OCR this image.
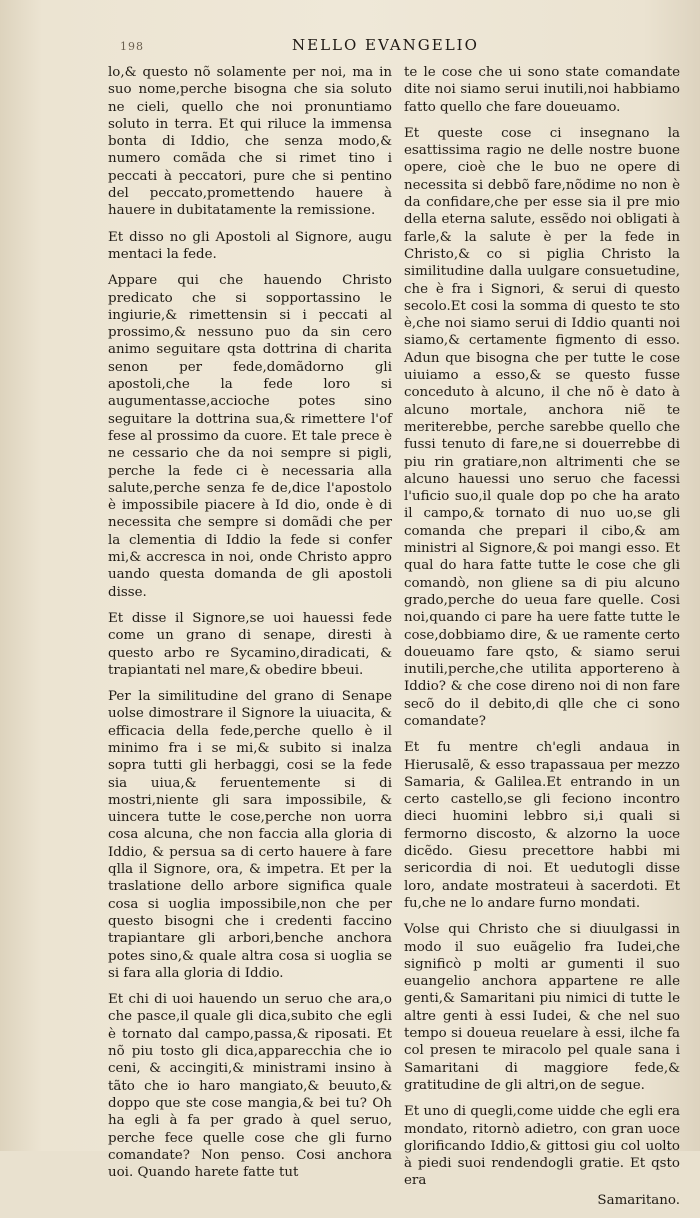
198	NELLO EVANGELIO

lo,& questo nõ solamente per noi, ma in suo nome,perche bisogna che sia soluto ne cieli, quello che noi pronuntiamo soluto in terra. Et qui riluce la immensa bonta di Iddio, che senza modo,& numero comãda che si rimet tino i peccati à peccatori, pure che si pentino del peccato,promettendo hauere à hauere in dubitatamente la remissione.

Et disso no gli Apostoli al Signore, augu mentaci la fede.

Appare qui che hauendo Christo predicato che si sopportassino le ingiurie,& rimettensin si i peccati al prossimo,& nessuno puo da sin cero animo seguitare qsta dottrina di charita senon per fede,domãdorno gli apostoli,che la fede loro si augumentasse,accioche potes sino seguitare la dottrina sua,& rimettere l'of fese al prossimo da cuore. Et tale prece è ne cessario che da noi sempre si pigli, perche la fede ci è necessaria alla salute,perche senza fe de,dice l'apostolo è impossibile piacere à Id dio, onde è di necessita che sempre si domãdi che per la clementia di Iddio la fede si confer mi,& accresca in noi, onde Christo appro uando questa domanda de gli apostoli disse.

Et disse il Signore,se uoi hauessi fede come un grano di senape, diresti à questo arbo re Sycamino,diradicati, & trapiantati nel mare,& obedire bbeui.

Per la similitudine del grano di Senape uolse dimostrare il Signore la uiuacita, & efficacia della fede,perche quello è il minimo fra i se mi,& subito si inalza sopra tutti gli herbaggi, cosi se la fede sia uiua,& feruentemente si di mostri,niente gli sara impossibile, & uincera tutte le cose,perche non uorra cosa alcuna, che non faccia alla gloria di Iddio, & persua sa di certo hauere à fare qlla il Signore, ora, & impetra. Et per la traslatione dello arbore significa quale cosa si uoglia impossibile,non che per questo bisogni che i credenti faccino trapiantare gli arbori,benche anchora potes sino,& quale altra cosa si uoglia se si fara alla gloria di Iddio.

Et chi di uoi hauendo un seruo che ara,o che pasce,il quale gli dica,subito che egli è tornato dal campo,passa,& riposati. Et nõ piu tosto gli dica,apparecchia che io ceni, & accingiti,& ministrami insino à tãto che io haro mangiato,& beuuto,& doppo que ste cose mangia,& bei tu? Oh ha egli à fa per grado à quel seruo, perche fece quelle cose che gli furno comandate? Non penso. Cosi anchora uoi. Quando harete fatte tut

te le cose che ui sono state comandate dite noi siamo serui inutili,noi habbiamo fatto quello che fare doueuamo.

Et queste cose ci insegnano la esattissima ragio ne delle nostre buone opere, cioè che le buo ne opere di necessita si debbõ fare,nõdime no non è da confidare,che per esse sia il pre mio della eterna salute, essẽdo noi obligati à farle,& la salute è per la fede in Christo,& co si piglia Christo la similitudine dalla uulgare consuetudine, che è fra i Signori, & serui di questo secolo.Et cosi la somma di questo te sto è,che noi siamo serui di Iddio quanti noi siamo,& certamente figmento di esso. Adun que bisogna che per tutte le cose uiuiamo a esso,& se questo fusse conceduto à alcuno, il che nõ è dato à alcuno mortale, anchora niẽ te meriterebbe, perche sarebbe quello che fussi tenuto di fare,ne si douerrebbe di piu rin gratiare,non altrimenti che se alcuno hauessi uno seruo che facessi l'uficio suo,il quale dop po che ha arato il campo,& tornato di nuo uo,se gli comanda che prepari il cibo,& am ministri al Signore,& poi mangi esso. Et qual do hara fatte tutte le cose che gli comandò, non gliene sa di piu alcuno grado,perche do ueua fare quelle. Cosi noi,quando ci pare ha uere fatte tutte le cose,dobbiamo dire, & ue ramente certo doueuamo fare qsto, & siamo serui inutili,perche,che utilita apportereno à Iddio? & che cose direno noi di non fare secõ do il debito,di qlle che ci sono comandate?

Et fu mentre ch'egli andaua in Hierusalẽ, & esso trapassaua per mezzo Samaria, & Galilea.Et entrando in un certo castello,se gli feciono incontro dieci huomini lebbro si,i quali si fermorno discosto, & alzorno la uoce dicẽdo. Giesu precettore habbi mi sericordia di noi. Et uedutogli disse loro, andate mostrateui à sacerdoti. Et fu,che ne lo andare furno mondati.

Volse qui Christo che si diuulgassi in modo il suo euãgelio fra Iudei,che significò p molti ar gumenti il suo euangelio anchora appartene re alle genti,& Samaritani piu nimici di tutte le altre genti à essi Iudei, & che nel suo tempo si doueua reuelare à essi, ilche fa col presen te miracolo pel quale sana i Samaritani di maggiore fede,& gratitudine de gli altri,on de segue.

Et uno di quegli,come uidde che egli era mondato, ritornò adietro, con gran uoce glorificando Iddio,& gittosi giu col uolto à piedi suoi rendendogli gratie. Et qsto era

Samaritano.
